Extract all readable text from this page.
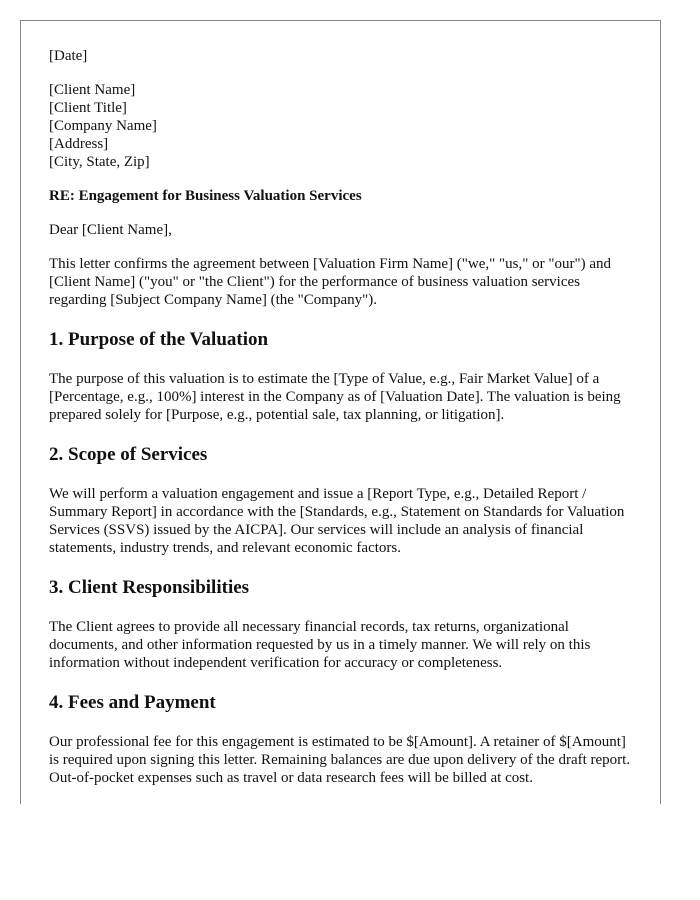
[Date]

[Client Name]
[Client Title]
[Company Name]
[Address]
[City, State, Zip]

RE: Engagement for Business Valuation Services

Dear [Client Name],

This letter confirms the agreement between [Valuation Firm Name] ("we," "us," or "our") and [Client Name] ("you" or "the Client") for the performance of business valuation services regarding [Subject Company Name] (the "Company").

1. Purpose of the Valuation

The purpose of this valuation is to estimate the [Type of Value, e.g., Fair Market Value] of a [Percentage, e.g., 100%] interest in the Company as of [Valuation Date]. The valuation is being prepared solely for [Purpose, e.g., potential sale, tax planning, or litigation].

2. Scope of Services

We will perform a valuation engagement and issue a [Report Type, e.g., Detailed Report / Summary Report] in accordance with the [Standards, e.g., Statement on Standards for Valuation Services (SSVS) issued by the AICPA]. Our services will include an analysis of financial statements, industry trends, and relevant economic factors.

3. Client Responsibilities

The Client agrees to provide all necessary financial records, tax returns, organizational documents, and other information requested by us in a timely manner. We will rely on this information without independent verification for accuracy or completeness.

4. Fees and Payment

Our professional fee for this engagement is estimated to be $[Amount]. A retainer of $[Amount] is required upon signing this letter. Remaining balances are due upon delivery of the draft report. Out-of-pocket expenses such as travel or data research fees will be billed at cost.
